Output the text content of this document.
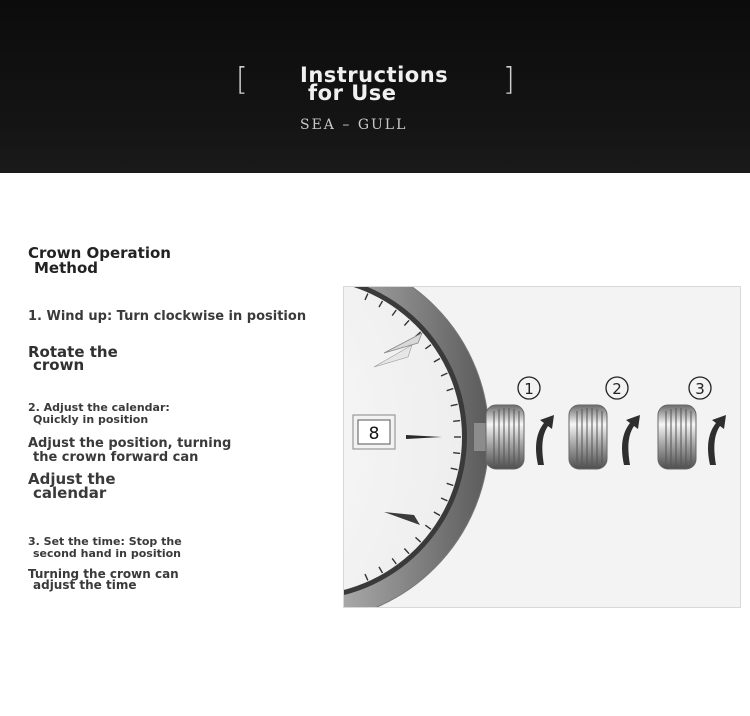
[ Instructions
for Use	]
SEA – GULL
Crown Operation
Method
1. Wind up: Turn clockwise in position
Rotate the
crown
2. Adjust the calendar:
Quickly in position
Adjust the position, turning
the crown forward can
Adjust the
calendar
3. Set the time: Stop the
second hand in position
Turning the crown can
adjust the time
8
1	2	3
